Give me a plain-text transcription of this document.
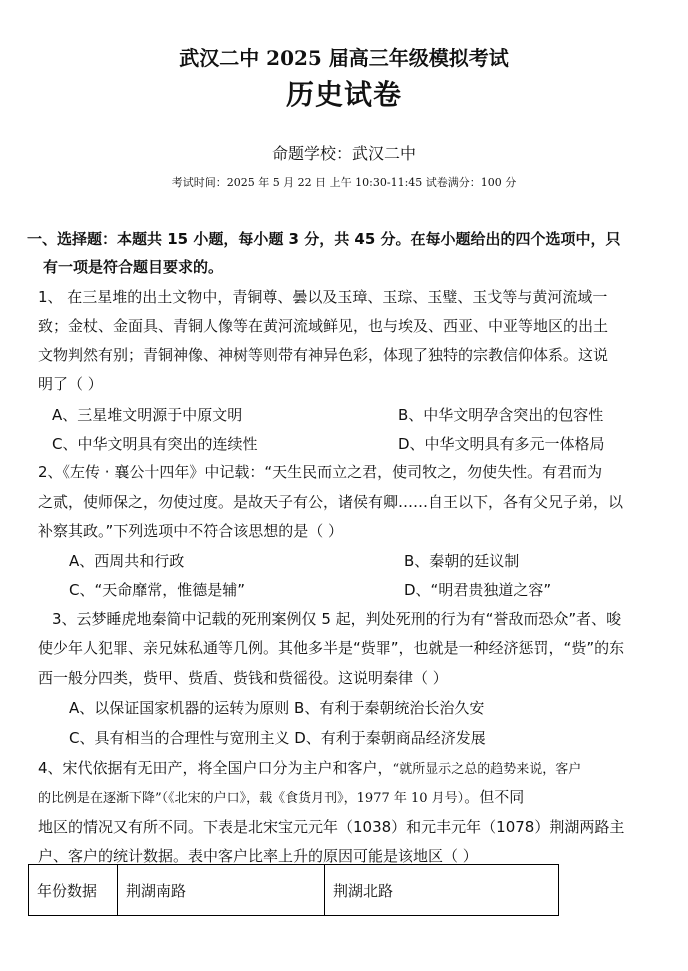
武汉二中 2025 届高三年级模拟考试
历史试卷
命题学校：武汉二中
考试时间：2025 年 5 月 22 日 上午 10:30-11:45 试卷满分：100 分
一、选择题：本题共 15 小题，每小题 3 分，共 45 分。在每小题给出的四个选项中，只
有一项是符合题目要求的。
1、 在三星堆的出土文物中，青铜尊、曇以及玉璋、玉琮、玉璧、玉戈等与黄河流域一
致；金杖、金面具、青铜人像等在黄河流域鲜见，也与埃及、西亚、中亚等地区的出土
文物判然有别；青铜神像、神树等则带有神异色彩，体现了独特的宗教信仰体系。这说
明了（ ）
A、三星堆文明源于中原文明	B、中华文明孕含突出的包容性
C、中华文明具有突出的连续性	D、中华文明具有多元一体格局
2、《左传 · 襄公十四年》中记载：“天生民而立之君，使司牧之，勿使失性。有君而为
之贰，使师保之，勿使过度。是故天子有公，诸侯有卿……自王以下，各有父兄子弟，以
补察其政。”下列选项中不符合该思想的是（ ）
A、西周共和行政	B、秦朝的廷议制
C、“天命靡常，惟德是辅”	D、“明君贵独道之容”
3、云梦睡虎地秦简中记载的死刑案例仅 5 起，判处死刑的行为有“誉敌而恐众”者、唆
使少年人犯罪、亲兄妹私通等几例。其他多半是“赀罪”，也就是一种经济惩罚，“赀”的东
西一般分四类，赀甲、赀盾、赀钱和赀徭役。这说明秦律（ ）
A、以保证国家机器的运转为原则 B、有利于秦朝统治长治久安
C、具有相当的合理性与宽刑主义 D、有利于秦朝商品经济发展
4、宋代依据有无田产，将全国户口分为主户和客户，“就所显示之总的趋势来说，客户
的比例是在逐渐下降”（《北宋的户口》，载《食货月刊》，1977 年 10 月号）。但不同
地区的情况又有所不同。下表是北宋宝元元年（1038）和元丰元年（1078）荆湖两路主
户、客户的统计数据。表中客户比率上升的原因可能是该地区（ ）
年份数据	荆湖南路	荆湖北路
